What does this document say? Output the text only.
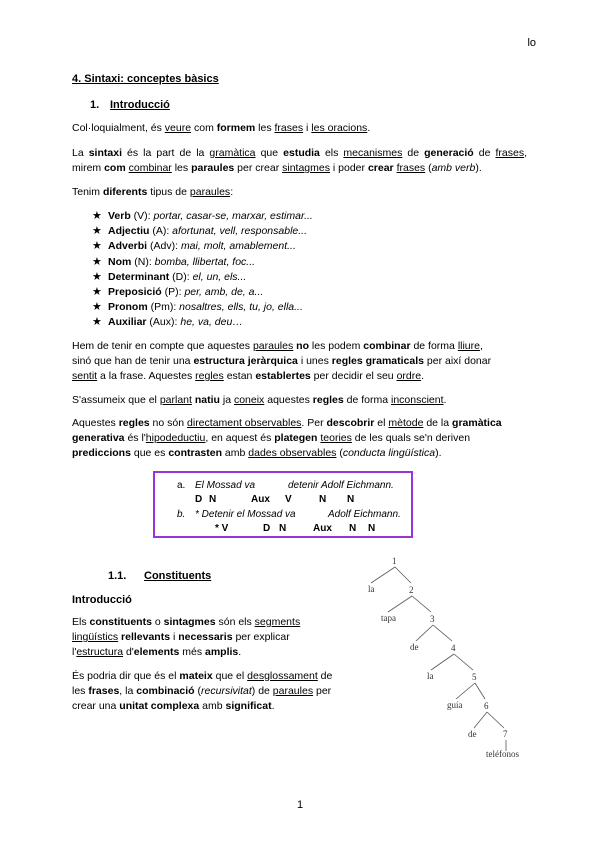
lo
4. Sintaxi: conceptes bàsics
1. Introducció
Col·loquialment, és veure com formem les frases i les oracions.
La sintaxi és la part de la gramàtica que estudia els mecanismes de generació de frases, mirem com combinar les paraules per crear sintagmes i poder crear frases (amb verb).
Tenim diferents tipus de paraules:
★ Verb (V): portar, casar-se, marxar, estimar...
★ Adjectiu (A): afortunat, vell, responsable...
★ Adverbi (Adv): mai, molt, amablement...
★ Nom (N): bomba, llibertat, foc...
★ Determinant (D): el, un, els...
★ Preposició (P): per, amb, de, a...
★ Pronom (Pm): nosaltres, ells, tu, jo, ella...
★ Auxiliar (Aux): he, va, deu…
Hem de tenir en compte que aquestes paraules no les podem combinar de forma lliure,
sinó que han de tenir una estructura jeràrquica i unes regles gramaticals per així donar
sentit a la frase. Aquestes regles estan establertes per decidir el seu ordre.
S'assumeix que el parlant natiu ja coneix aquestes regles de forma inconscient.
Aquestes regles no són directament observables. Per descobrir el mètode de la gramàtica
generativa és l'hipodeductiu, en aquest és plategen teories de les quals se'n deriven
prediccions que es contrasten amb dades observables (conducta lingüística).
a. El Mossad va	detenir Adolf Eichmann.
D N	Aux V	N N
b. * Detenir el Mossad va	Adolf Eichmann.
* V	D N	Aux N N
1.1. Constituents
Introducció
Els constituents o sintagmes són els segments
lingüístics rellevants i necessaris per explicar
l'estructura d'elements més amplis.
És podria dir que és el mateix que el desglossament de
les frases, la combinació (recursivitat) de paraules per
crear una unitat complexa amb significat.
1
la	2
tapa	3
de	4
la	5
guía 6
de	7
teléfonos
1
